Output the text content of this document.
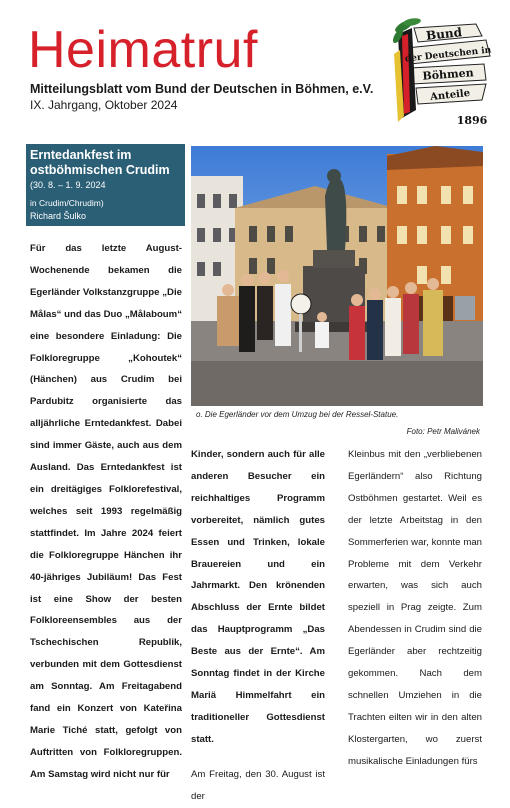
Heimatruf
Mitteilungsblatt vom Bund der Deutschen in Böhmen, e.V.
IX. Jahrgang, Oktober 2024
Bund
der Deutschen in
Böhmen
Anteile
1896
Erntedankfest im ostböhmischen Crudim
(30. 8. – 1. 9. 2024
in Crudim/Chrudim)
Richard Šulko
o. Die Egerländer vor dem Umzug bei der Ressel-Statue.
Foto: Petr Malivánek

Für das letzte August-Wochenende bekamen die Egerländer Volkstanzgruppe „Die Målas“ und das Duo „Målaboum“ eine besondere Einladung: Die Folkloregruppe „Kohoutek“ (Hänchen) aus Crudim bei Pardubitz organisierte das alljährliche Erntedankfest. Dabei sind immer Gäste, auch aus dem Ausland. Das Erntedankfest ist ein dreitägiges Folklorefestival, welches seit 1993 regelmäßig stattfindet. Im Jahre 2024 feiert die Folkloregruppe Hänchen ihr 40-jähriges Jubiläum! Das Fest ist eine Show der besten Folkloreensembles aus der Tschechischen Republik, verbunden mit dem Gottesdienst am Sonntag. Am Freitagabend fand ein Konzert von Kateřina Marie Tiché statt, gefolgt von Auftritten von Folkloregruppen. Am Samstag wird nicht nur für

Kinder, sondern auch für alle anderen Besucher ein reichhaltiges Programm vorbereitet, nämlich gutes Essen und Trinken, lokale Brauereien und ein Jahrmarkt. Den krönenden Abschluss der Ernte bildet das Hauptprogramm „Das Beste aus der Ernte“. Am Sonntag findet in der Kirche Mariä Himmelfahrt ein traditioneller Gottesdienst statt.

Am Freitag, den 30. August ist der

Kleinbus mit den „verbliebenen Egerländern“ also Richtung Ostböhmen gestartet. Weil es der letzte Arbeitstag in den Sommerferien war, konnte man Probleme mit dem Verkehr erwarten, was sich auch speziell in Prag zeigte. Zum Abendessen in Crudim sind die Egerländer aber rechtzeitig gekommen. Nach dem schnellen Umziehen in die Trachten eilten wir in den alten Klostergarten, wo zuerst musikalische Einladungen fürs
